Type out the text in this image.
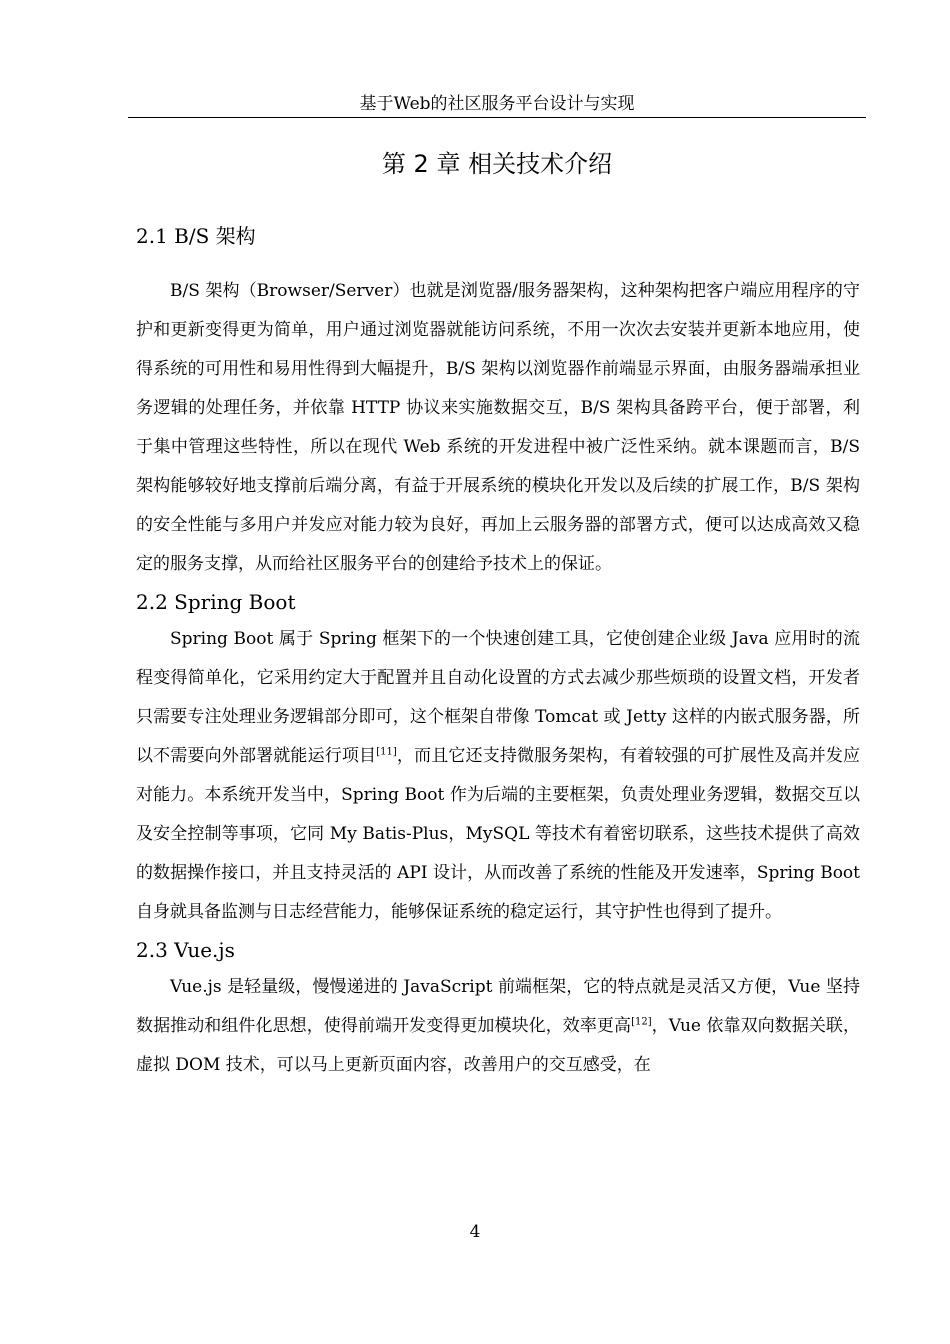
基于Web的社区服务平台设计与实现
第 2 章 相关技术介绍

2.1 B/S 架构

B/S 架构（Browser/Server）也就是浏览器/服务器架构，这种架构把客户端应用程序的守护和更新变得更为简单，用户通过浏览器就能访问系统，不用一次次去安装并更新本地应用，使得系统的可用性和易用性得到大幅提升，B/S 架构以浏览器作前端显示界面，由服务器端承担业务逻辑的处理任务，并依靠 HTTP 协议来实施数据交互，B/S 架构具备跨平台，便于部署，利于集中管理这些特性，所以在现代 Web 系统的开发进程中被广泛性采纳。就本课题而言，B/S 架构能够较好地支撑前后端分离，有益于开展系统的模块化开发以及后续的扩展工作，B/S 架构的安全性能与多用户并发应对能力较为良好，再加上云服务器的部署方式，便可以达成高效又稳定的服务支撑，从而给社区服务平台的创建给予技术上的保证。

2.2 Spring Boot

Spring Boot 属于 Spring 框架下的一个快速创建工具，它使创建企业级 Java 应用时的流程变得简单化，它采用约定大于配置并且自动化设置的方式去减少那些烦琐的设置文档，开发者只需要专注处理业务逻辑部分即可，这个框架自带像 Tomcat 或 Jetty 这样的内嵌式服务器，所以不需要向外部署就能运行项目[11]，而且它还支持微服务架构，有着较强的可扩展性及高并发应对能力。本系统开发当中，Spring Boot 作为后端的主要框架，负责处理业务逻辑，数据交互以及安全控制等事项，它同 My Batis-Plus，MySQL 等技术有着密切联系，这些技术提供了高效的数据操作接口，并且支持灵活的 API 设计，从而改善了系统的性能及开发速率，Spring Boot 自身就具备监测与日志经营能力，能够保证系统的稳定运行，其守护性也得到了提升。

2.3 Vue.js

Vue.js 是轻量级，慢慢递进的 JavaScript 前端框架，它的特点就是灵活又方便，Vue 坚持数据推动和组件化思想，使得前端开发变得更加模块化，效率更高[12]，Vue 依靠双向数据关联，虚拟 DOM 技术，可以马上更新页面内容，改善用户的交互感受，在

4
